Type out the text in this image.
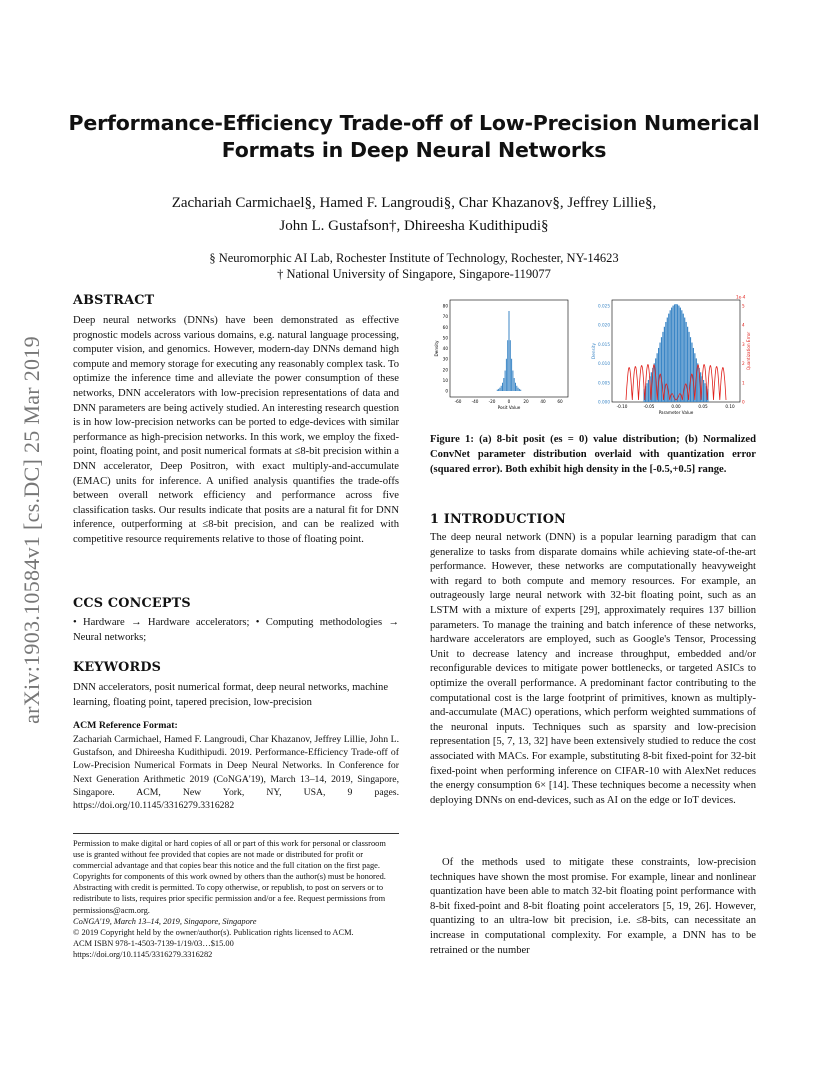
arXiv:1903.10584v1 [cs.DC] 25 Mar 2019
Performance-Efficiency Trade-off of Low-Precision Numerical Formats in Deep Neural Networks
Zachariah Carmichael§, Hamed F. Langroudi§, Char Khazanov§, Jeffrey Lillie§,
John L. Gustafson†, Dhireesha Kudithipudi§
§ Neuromorphic AI Lab, Rochester Institute of Technology, Rochester, NY-14623
† National University of Singapore, Singapore-119077
ABSTRACT
Deep neural networks (DNNs) have been demonstrated as effective prognostic models across various domains, e.g. natural language processing, computer vision, and genomics. However, modern-day DNNs demand high compute and memory storage for executing any reasonably complex task. To optimize the inference time and alleviate the power consumption of these networks, DNN accelerators with low-precision representations of data and DNN parameters are being actively studied. An interesting research question is in how low-precision networks can be ported to edge-devices with similar performance as high-precision networks. In this work, we employ the fixed-point, floating point, and posit numerical formats at ≤8-bit precision within a DNN accelerator, Deep Positron, with exact multiply-and-accumulate (EMAC) units for inference. A unified analysis quantifies the trade-offs between overall network efficiency and performance across five classification tasks. Our results indicate that posits are a natural fit for DNN inference, outperforming at ≤8-bit precision, and can be realized with competitive resource requirements relative to those of floating point.
CCS CONCEPTS
• Hardware → Hardware accelerators; • Computing methodologies → Neural networks;
KEYWORDS
DNN accelerators, posit numerical format, deep neural networks, machine learning, floating point, tapered precision, low-precision
ACM Reference Format:
Zachariah Carmichael, Hamed F. Langroudi, Char Khazanov, Jeffrey Lillie, John L. Gustafson, and Dhireesha Kudithipudi. 2019. Performance-Efficiency Trade-off of Low-Precision Numerical Formats in Deep Neural Networks. In Conference for Next Generation Arithmetic 2019 (CoNGA'19), March 13–14, 2019, Singapore, Singapore. ACM, New York, NY, USA, 9 pages. https://doi.org/10.1145/3316279.3316282
Permission to make digital or hard copies of all or part of this work for personal or classroom use is granted without fee provided that copies are not made or distributed for profit or commercial advantage and that copies bear this notice and the full citation on the first page. Copyrights for components of this work owned by others than the author(s) must be honored. Abstracting with credit is permitted. To copy otherwise, or republish, to post on servers or to redistribute to lists, requires prior specific permission and/or a fee. Request permissions from permissions@acm.org.
CoNGA'19, March 13–14, 2019, Singapore, Singapore
© 2019 Copyright held by the owner/author(s). Publication rights licensed to ACM.
ACM ISBN 978-1-4503-7139-1/19/03…$15.00
https://doi.org/10.1145/3316279.3316282
0
10
20
30
40
50
60
70
80
-60 -40 -20	0	20	40	60
Posit Value
Density
0.000
0.005
0.010
0.015
0.020
0.025
0
1
2
3
4
5
1e-4
-0.10	-0.05	0.00	0.05	0.10
Parameter Value
Density	Quantization Error
Figure 1: (a) 8-bit posit (es = 0) value distribution; (b) Normalized ConvNet parameter distribution overlaid with quantization error (squared error). Both exhibit high density in the [-0.5,+0.5] range.
1 INTRODUCTION
The deep neural network (DNN) is a popular learning paradigm that can generalize to tasks from disparate domains while achieving state-of-the-art performance. However, these networks are computationally heavyweight with regard to both compute and memory resources. For example, an outrageously large neural network with 32-bit floating point, such as an LSTM with a mixture of experts [29], approximately requires 137 billion parameters. To manage the training and batch inference of these networks, hardware accelerators are employed, such as Google's Tensor, Processing Unit to decrease latency and increase throughput, embedded and/or reconfigurable devices to mitigate power bottlenecks, or targeted ASICs to optimize the overall performance. A predominant factor contributing to the computational cost is the large footprint of primitives, known as multiply-and-accumulate (MAC) operations, which perform weighted summations of the neuronal inputs. Techniques such as sparsity and low-precision representation [5, 7, 13, 32] have been extensively studied to reduce the cost associated with MACs. For example, substituting 8-bit fixed-point for 32-bit fixed-point when performing inference on CIFAR-10 with AlexNet reduces the energy consumption 6× [14]. These techniques become a necessity when deploying DNNs on end-devices, such as AI on the edge or IoT devices.
Of the methods used to mitigate these constraints, low-precision techniques have shown the most promise. For example, linear and nonlinear quantization have been able to match 32-bit floating point performance with 8-bit fixed-point and 8-bit floating point accelerators [5, 19, 26]. However, quantizing to an ultra-low bit precision, i.e. ≤8-bits, can necessitate an increase in computational complexity. For example, a DNN has to be retrained or the number
